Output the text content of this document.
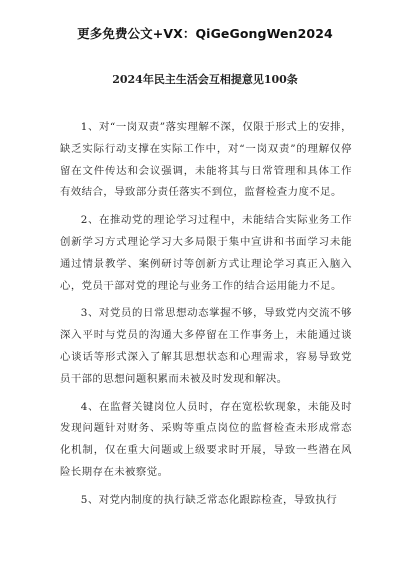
更多免费公文+VX：QiGeGongWen2024
2024年民主生活会互相提意见100条

1、对“一岗双责”落实理解不深，仅限于形式上的安排，缺乏实际行动支撑在实际工作中，对“一岗双责”的理解仅停留在文件传达和会议强调，未能将其与日常管理和具体工作有效结合，导致部分责任落实不到位，监督检查力度不足。

2、在推动党的理论学习过程中，未能结合实际业务工作创新学习方式理论学习大多局限于集中宣讲和书面学习未能通过情景教学、案例研讨等创新方式让理论学习真正入脑入心，党员干部对党的理论与业务工作的结合运用能力不足。

3、对党员的日常思想动态掌握不够，导致党内交流不够深入平时与党员的沟通大多停留在工作事务上，未能通过谈心谈话等形式深入了解其思想状态和心理需求，容易导致党员干部的思想问题积累而未被及时发现和解决。

4、在监督关键岗位人员时，存在宽松软现象，未能及时发现问题针对财务、采购等重点岗位的监督检查未形成常态化机制，仅在重大问题或上级要求时开展，导致一些潜在风险长期存在未被察觉。

5、对党内制度的执行缺乏常态化跟踪检查，导致执行
